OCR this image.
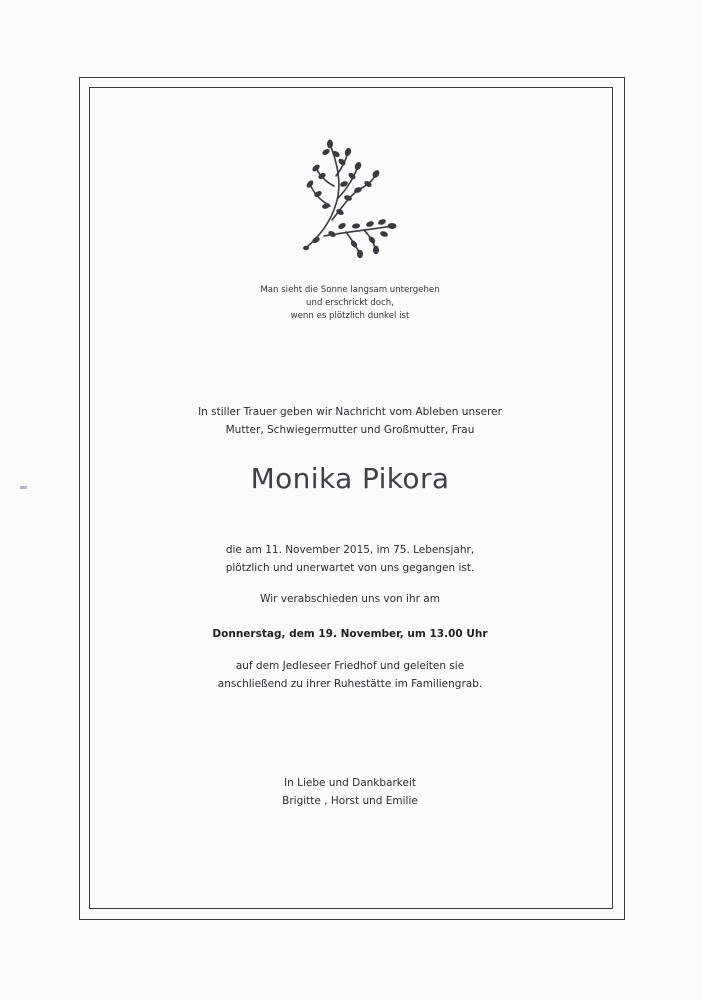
Man sieht die Sonne langsam untergehen
und erschrickt doch,
wenn es plötzlich dunkel ist

In stiller Trauer geben wir Nachricht vom Ableben unserer
Mutter, Schwiegermutter und Großmutter, Frau

Monika Pikora

die am 11. November 2015, im 75. Lebensjahr,
plötzlich und unerwartet von uns gegangen ist.

Wir verabschieden uns von ihr am

Donnerstag, dem 19. November, um 13.00 Uhr

auf dem Jedleseer Friedhof und geleiten sie
anschließend zu ihrer Ruhestätte im Familiengrab.

In Liebe und Dankbarkeit
Brigitte , Horst und Emilie
